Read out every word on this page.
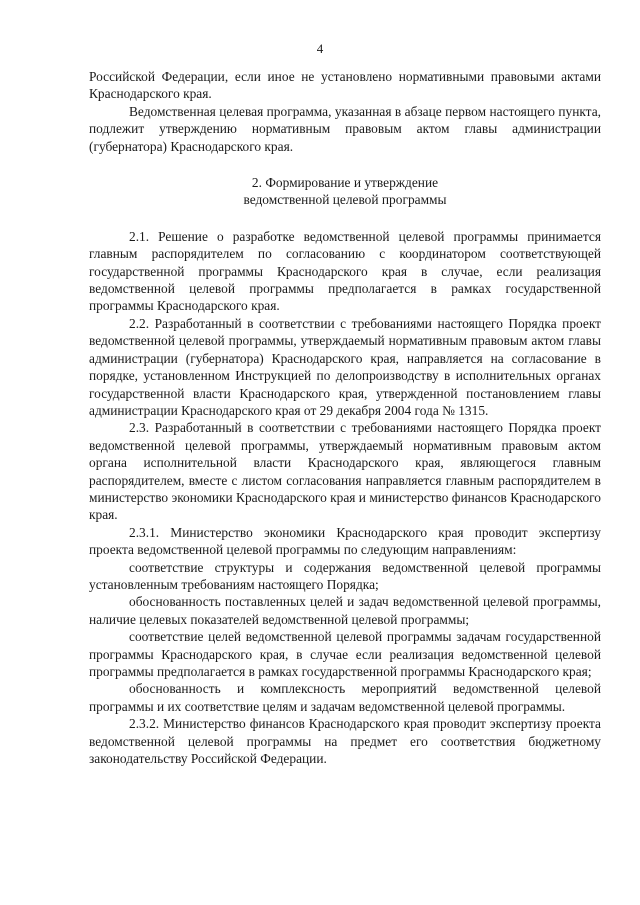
4

Российской Федерации, если иное не установлено нормативными правовыми актами Краснодарского края.

Ведомственная целевая программа, указанная в абзаце первом настоящего пункта, подлежит утверждению нормативным правовым актом главы администрации (губернатора) Краснодарского края.

2. Формирование и утверждение
ведомственной целевой программы

2.1. Решение о разработке ведомственной целевой программы принимается главным распорядителем по согласованию с координатором соответствующей государственной программы Краснодарского края в случае, если реализация ведомственной целевой программы предполагается в рамках государственной программы Краснодарского края.

2.2. Разработанный в соответствии с требованиями настоящего Порядка проект ведомственной целевой программы, утверждаемый нормативным правовым актом главы администрации (губернатора) Краснодарского края, направляется на согласование в порядке, установленном Инструкцией по делопроизводству в исполнительных органах государственной власти Краснодарского края, утвержденной постановлением главы администрации Краснодарского края от 29 декабря 2004 года № 1315.

2.3. Разработанный в соответствии с требованиями настоящего Порядка проект ведомственной целевой программы, утверждаемый нормативным правовым актом органа исполнительной власти Краснодарского края, являющегося главным распорядителем, вместе с листом согласования направляется главным распорядителем в министерство экономики Краснодарского края и министерство финансов Краснодарского края.

2.3.1. Министерство экономики Краснодарского края проводит экспертизу проекта ведомственной целевой программы по следующим направлениям:

соответствие структуры и содержания ведомственной целевой программы установленным требованиям настоящего Порядка;

обоснованность поставленных целей и задач ведомственной целевой программы, наличие целевых показателей ведомственной целевой программы;

соответствие целей ведомственной целевой программы задачам государственной программы Краснодарского края, в случае если реализация ведомственной целевой программы предполагается в рамках государственной программы Краснодарского края;

обоснованность и комплексность мероприятий ведомственной целевой программы и их соответствие целям и задачам ведомственной целевой программы.

2.3.2. Министерство финансов Краснодарского края проводит экспертизу проекта ведомственной целевой программы на предмет его соответствия бюджетному законодательству Российской Федерации.
